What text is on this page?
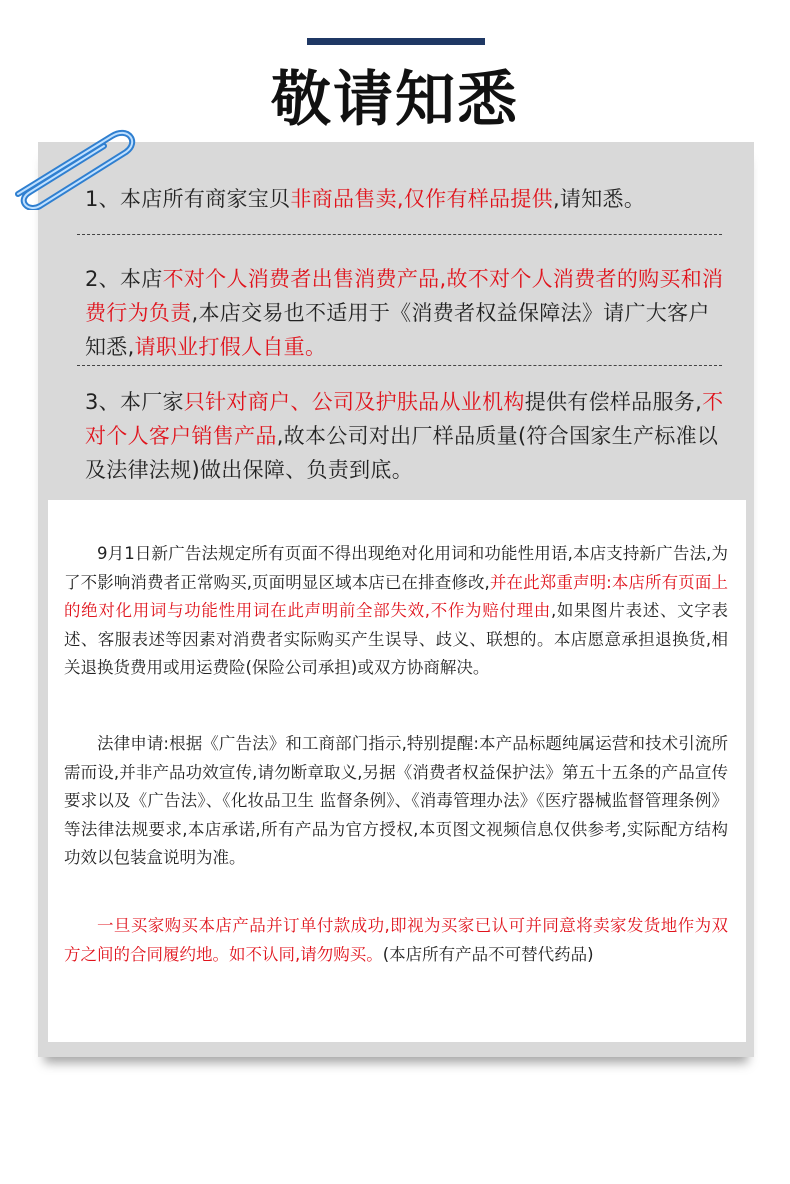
敬请知悉
1、本店所有商家宝贝非商品售卖,仅作有样品提供,请知悉。
2、本店不对个人消费者出售消费产品,故不对个人消费者的购买和消费行为负责,本店交易也不适用于《消费者权益保障法》请广大客户知悉,请职业打假人自重。
3、本厂家只针对商户、公司及护肤品从业机构提供有偿样品服务,不对个人客户销售产品,故本公司对出厂样品质量(符合国家生产标准以及法律法规)做出保障、负责到底。
9月1日新广告法规定所有页面不得出现绝对化用词和功能性用语,本店支持新广告法,为了不影响消费者正常购买,页面明显区域本店已在排查修改,并在此郑重声明:本店所有页面上的绝对化用词与功能性用词在此声明前全部失效,不作为赔付理由,如果图片表述、文字表述、客服表述等因素对消费者实际购买产生误导、歧义、联想的。本店愿意承担退换货,相关退换货费用或用运费险(保险公司承担)或双方协商解决。
法律申请:根据《广告法》和工商部门指示,特别提醒:本产品标题纯属运营和技术引流所需而设,并非产品功效宣传,请勿断章取义,另据《消费者权益保护法》第五十五条的产品宣传要求以及《广告法》、《化妆品卫生 监督条例》、《消毒管理办法》《医疗器械监督管理条例》等法律法规要求,本店承诺,所有产品为官方授权,本页图文视频信息仅供参考,实际配方结构功效以包装盒说明为准。
一旦买家购买本店产品并订单付款成功,即视为买家已认可并同意将卖家发货地作为双方之间的合同履约地。如不认同,请勿购买。(本店所有产品不可替代药品)
